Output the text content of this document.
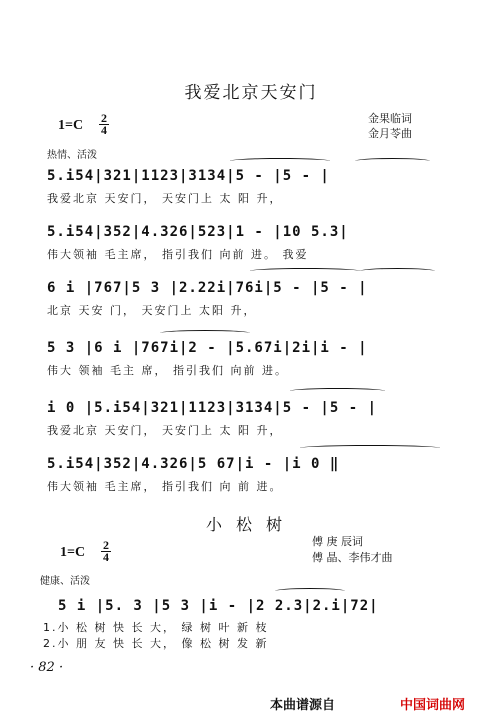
我爱北京天安门
1=C 2
4
金果临词
金月苓曲
热情、活泼
5.i54|321|1123|3134|5 - |5 - |
我爱北京 天安门， 天安门上 太 阳 升，
5.i54|352|4.326|523|1 - |10 5.3|
伟大领袖 毛主席， 指引我们 向前 进。 我爱
6 i |767|5 3 |2.22i|76i|5 - |5 - |
北京 天安 门， 天安门上 太阳 升，
5 3 |6 i |767i|2 - |5.67i|2i|i - |
伟大 领袖 毛主 席， 指引我们 向前 进。
i 0 |5.i54|321|1123|3134|5 - |5 - |
我爱北京 天安门， 天安门上 太 阳 升，
5.i54|352|4.326|5 67|i - |i 0 ‖
伟大领袖 毛主席， 指引我们 向 前 进。
小松树
1=C 2
4
傅 庚 辰词
傅 晶、李伟才曲
健康、活泼
5 i |5. 3 |5 3 |i - |2 2.3|2.i|72|
1.小 松 树 快 长 大， 绿 树 叶 新 枝
2.小 朋 友 快 长 大， 像 松 树 发 新
· 82 ·
本曲谱源自	中国词曲网
